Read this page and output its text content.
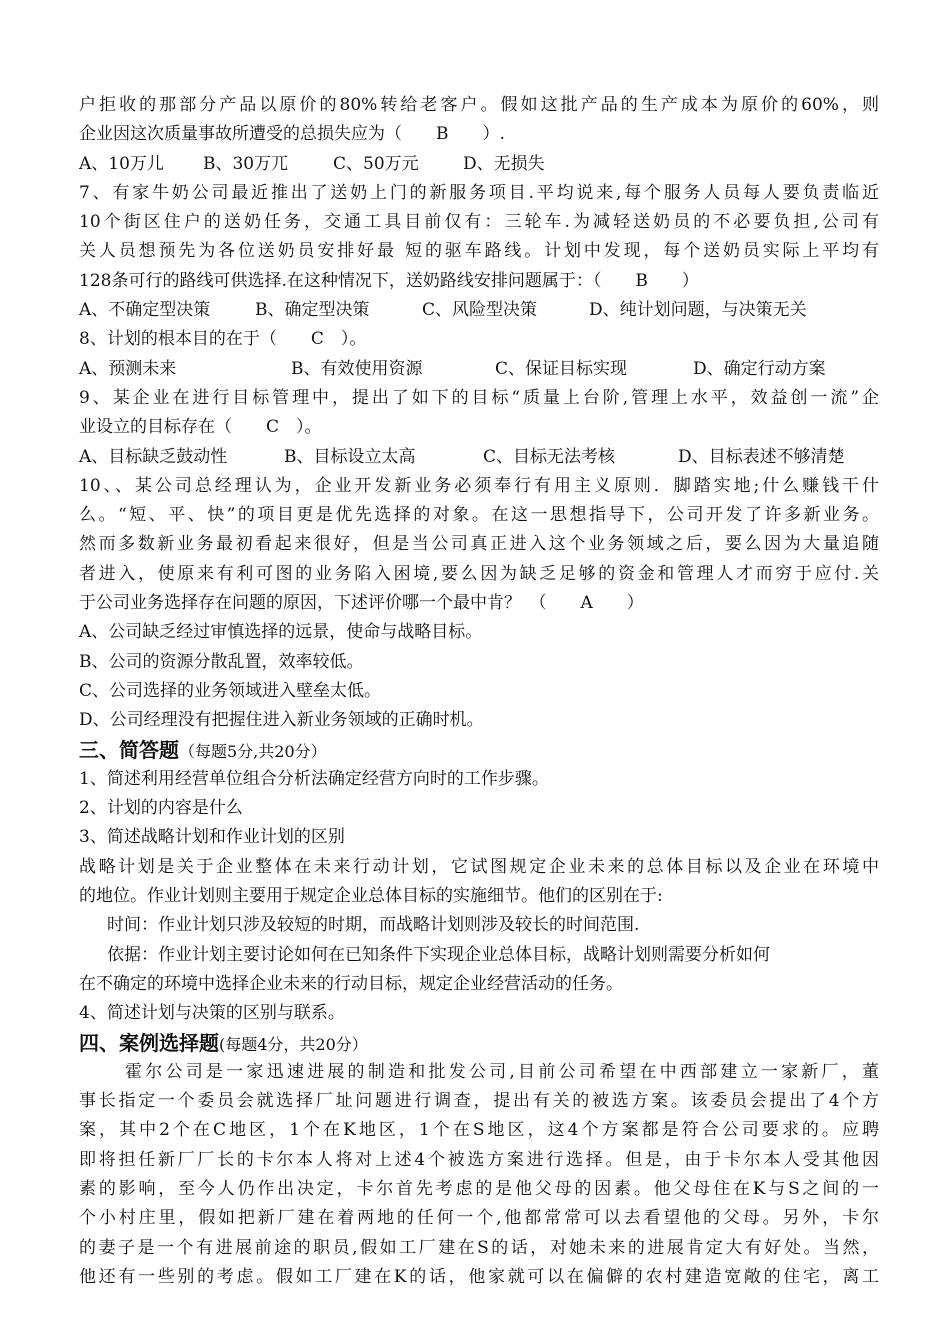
户拒收的那部分产品以原价的80%转给老客户。假如这批产品的生产成本为原价的60%，则
企业因这次质量事故所遭受的总损失应为（　　B　　）.
A、10万儿	B、30万兀	C、50万元	D、无损失
7、有家牛奶公司最近推出了送奶上门的新服务项目.平均说来,每个服务人员每人要负责临近
10个街区住户的送奶任务，交通工具目前仅有：三轮车.为减轻送奶员的不必要负担,公司有
关人员想预先为各位送奶员安排好最 短的驱车路线。计划中发现，每个送奶员实际上平均有
128条可行的路线可供选择.在这种情况下，送奶路线安排问题属于：（　　B　　）
A、不确定型决策	B、确定型决策	C、风险型决策	D、纯计划问题，与决策无关
8、计划的根本目的在于（　　C　）。
A、预测未来	B、有效使用资源	C、保证目标实现	D、确定行动方案
9、某企业在进行目标管理中，提出了如下的目标“质量上台阶,管理上水平，效益创一流”企
业设立的目标存在（　　C　）。
A、目标缺乏鼓动性	B、目标设立太高	C、目标无法考核	D、目标表述不够清楚
10、、某公司总经理认为，企业开发新业务必须奉行有用主义原则．脚踏实地;什么赚钱干什
么。“短、平、快”的项目更是优先选择的对象。在这一思想指导下，公司开发了许多新业务。
然而多数新业务最初看起来很好，但是当公司真正进入这个业务领域之后，要么因为大量追随
者进入，使原来有利可图的业务陷入困境,要么因为缺乏足够的资金和管理人才而穷于应付.关
于公司业务选择存在问题的原因，下述评价哪一个最中肯？　（　　A　　）
A、公司缺乏经过审慎选择的远景，使命与战略目标。
B、公司的资源分散乱置，效率较低。
C、公司选择的业务领域进入壁垒太低。
D、公司经理没有把握住进入新业务领域的正确时机。
三、简答题（每题5分,共20分）
1、简述利用经营单位组合分析法确定经营方向时的工作步骤。
2、计划的内容是什么
3、简述战略计划和作业计划的区别
战略计划是关于企业整体在未来行动计划，它试图规定企业未来的总体目标以及企业在环境中
的地位。作业计划则主要用于规定企业总体目标的实施细节。他们的区别在于:
时间：作业计划只涉及较短的时期，而战略计划则涉及较长的时间范围.
依据：作业计划主要讨论如何在已知条件下实现企业总体目标，战略计划则需要分析如何
在不确定的环境中选择企业未来的行动目标，规定企业经营活动的任务。
4、简述计划与决策的区别与联系。
四、案例选择题(每题4分，共20分）
霍尔公司是一家迅速进展的制造和批发公司,目前公司希望在中西部建立一家新厂，董
事长指定一个委员会就选择厂址问题进行调查，提出有关的被选方案。该委员会提出了4个方
案，其中2个在C地区，1个在K地区，1个在S地区，这4个方案都是符合公司要求的。应聘
即将担任新厂厂长的卡尔本人将对上述4个被选方案进行选择。但是，由于卡尔本人受其他因
素的影响，至今人仍作出决定，卡尔首先考虑的是他父母的因素。他父母住在K与S之间的一
个小村庄里，假如把新厂建在着两地的任何一个,他都常常可以去看望他的父母。另外，卡尔
的妻子是一个有进展前途的职员,假如工厂建在S的话，对她未来的进展肯定大有好处。当然，
他还有一些别的考虑。假如工厂建在K的话，他家就可以在偏僻的农村建造宽敞的住宅，离工
